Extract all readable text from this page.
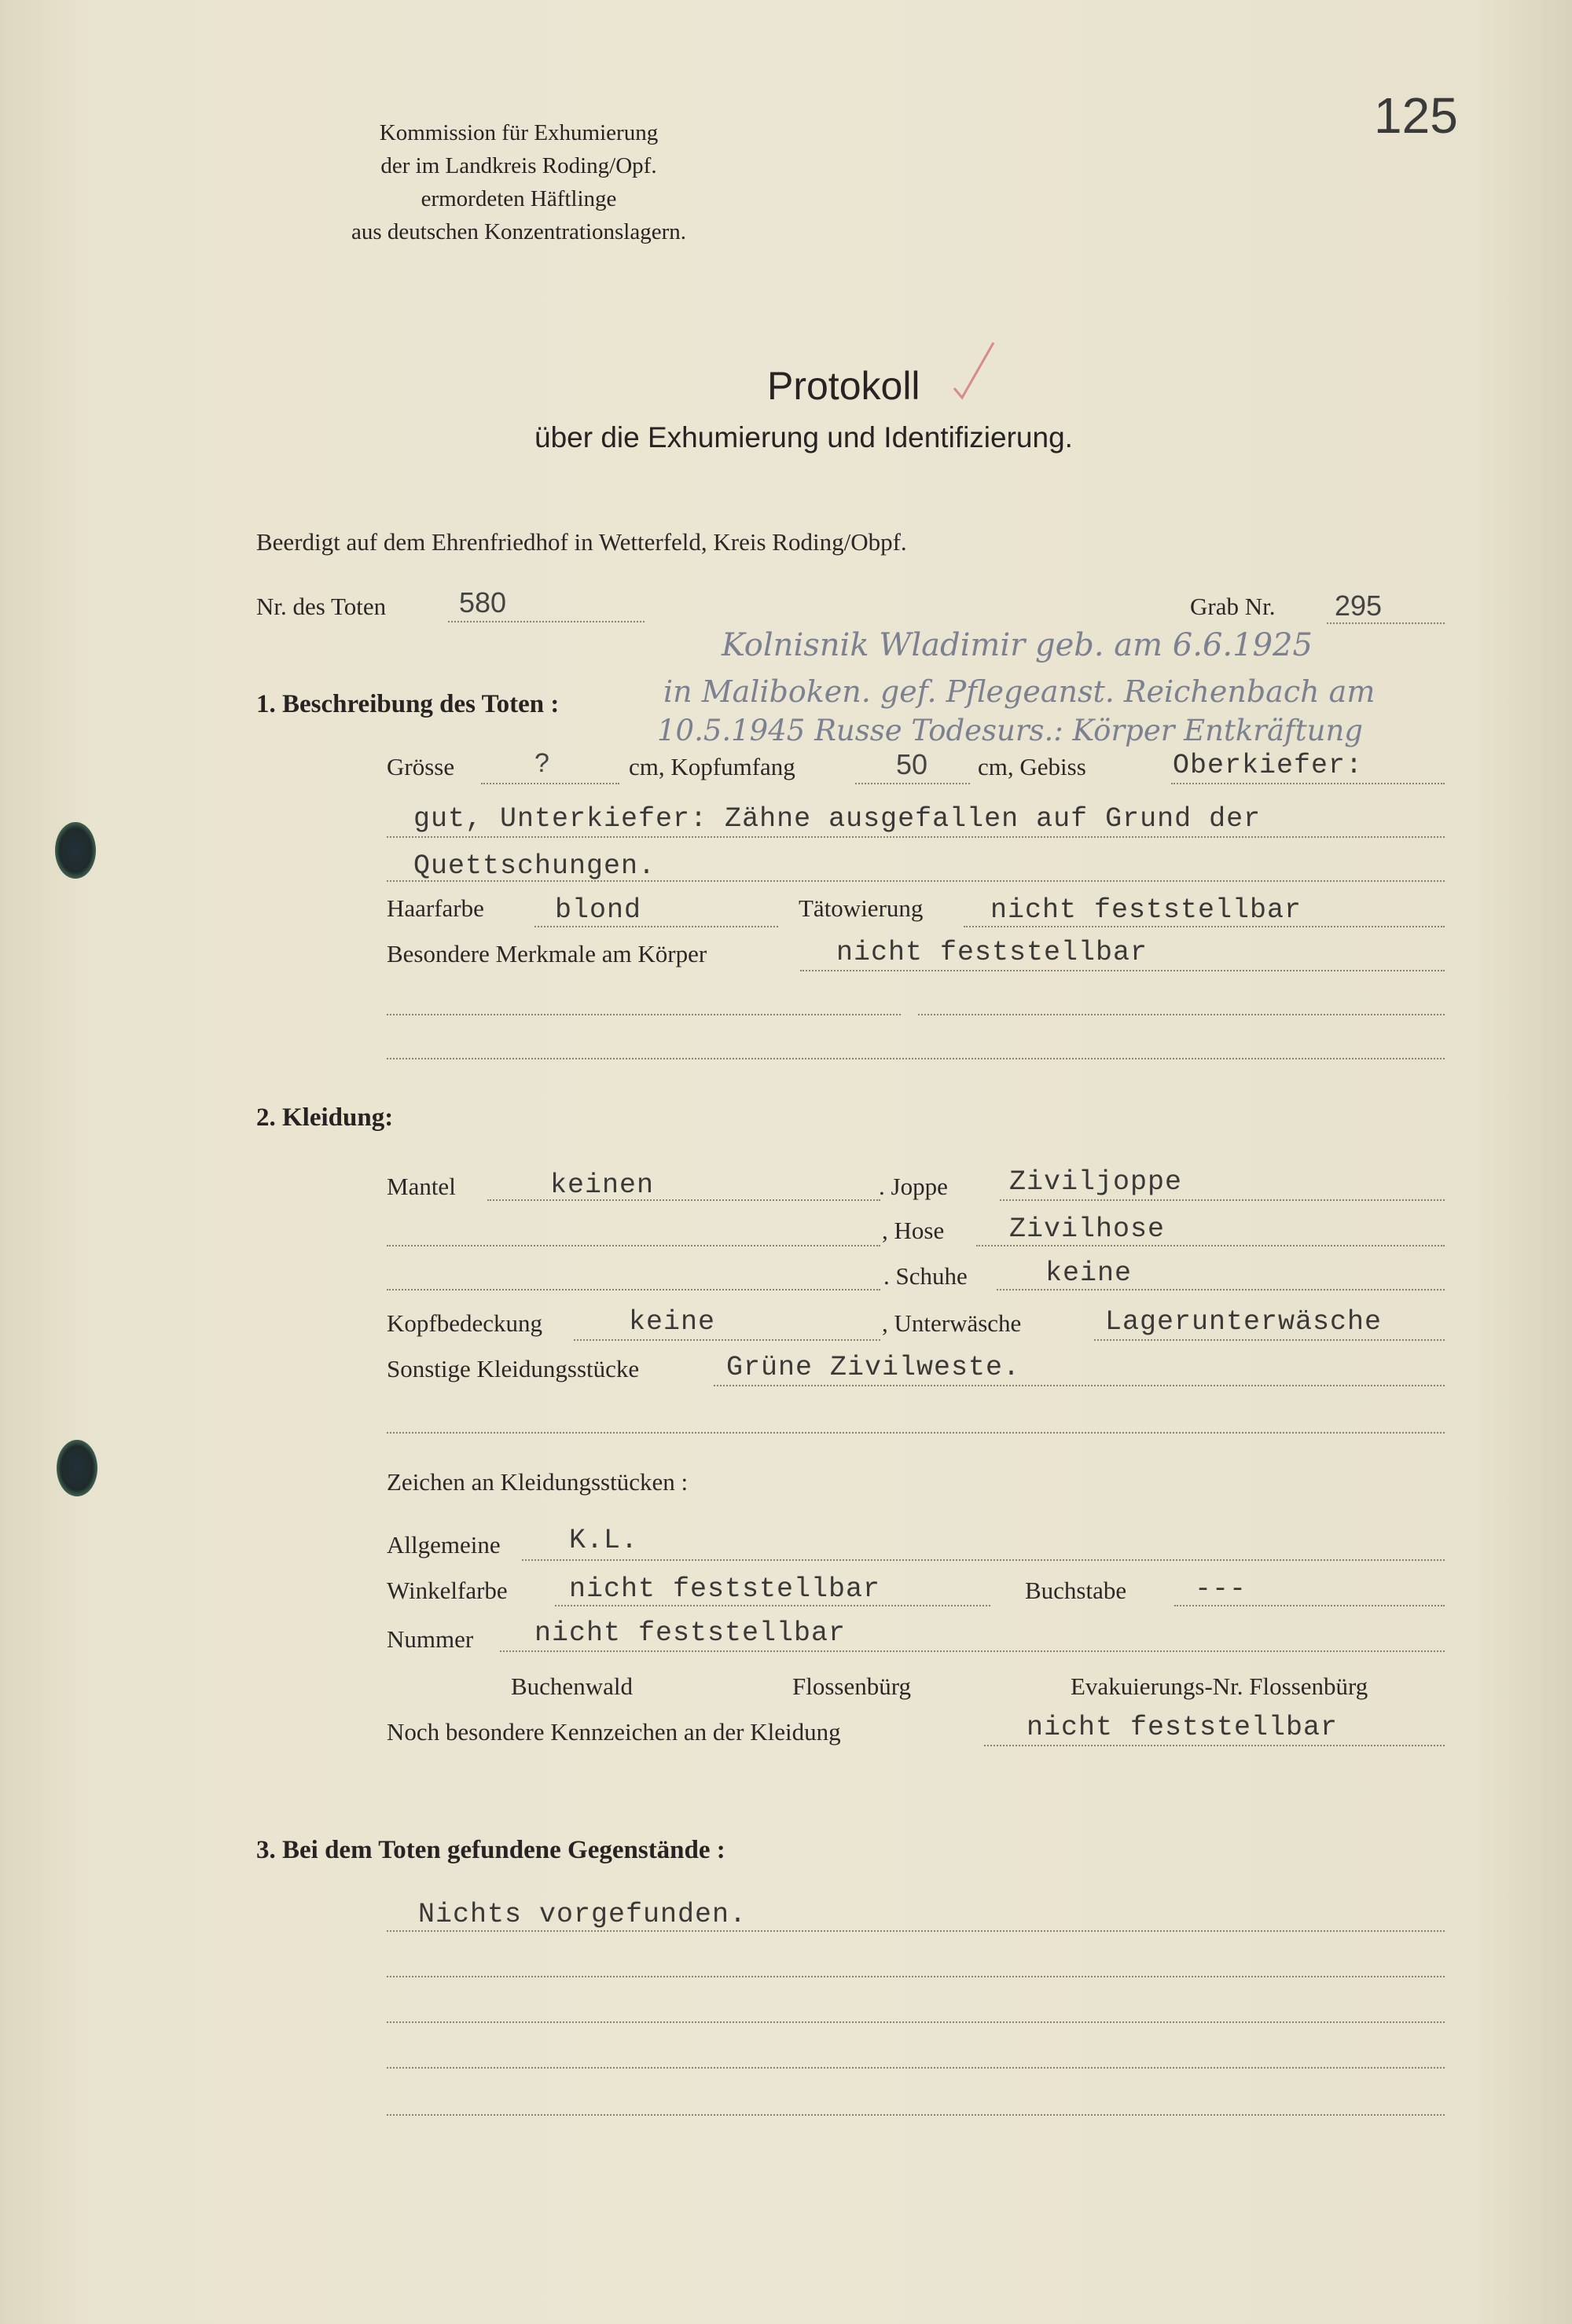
Kommission für Exhumierung
der im Landkreis Roding/Opf.
ermordeten Häftlinge
aus deutschen Konzentrationslagern.
125
Protokoll
über die Exhumierung und Identifizierung.
Beerdigt auf dem Ehrenfriedhof in Wetterfeld, Kreis Roding/Obpf.
Nr. des Toten	580	Grab Nr. 295
Kolnisnik Wladimir geb. am 6.6.1925
in Maliboken. gef. Pflegeanst. Reichenbach am
10.5.1945 Russe Todesurs.: Körper Entkräftung
1. Beschreibung des Toten :
Grösse	?	cm, Kopfumfang	50 cm, Gebiss	Oberkiefer:
gut, Unterkiefer: Zähne ausgefallen auf Grund der
Quettschungen.
Haarfarbe	blond	Tätowierung nicht feststellbar
Besondere Merkmale am Körper	nicht feststellbar
2. Kleidung:
Mantel	keinen	. Joppe Ziviljoppe
, Hose Zivilhose
. Schuhe	keine
Kopfbedeckung	keine	, Unterwäsche	Lagerunterwäsche
Sonstige Kleidungsstücke	Grüne Zivilweste.
Zeichen an Kleidungsstücken :
Allgemeine K.L.
Winkelfarbe nicht feststellbar	Buchstabe ---
Nummer nicht feststellbar
Buchenwald	Flossenbürg	Evakuierungs-Nr. Flossenbürg
Noch besondere Kennzeichen an der Kleidung	nicht feststellbar
3. Bei dem Toten gefundene Gegenstände :
Nichts vorgefunden.
